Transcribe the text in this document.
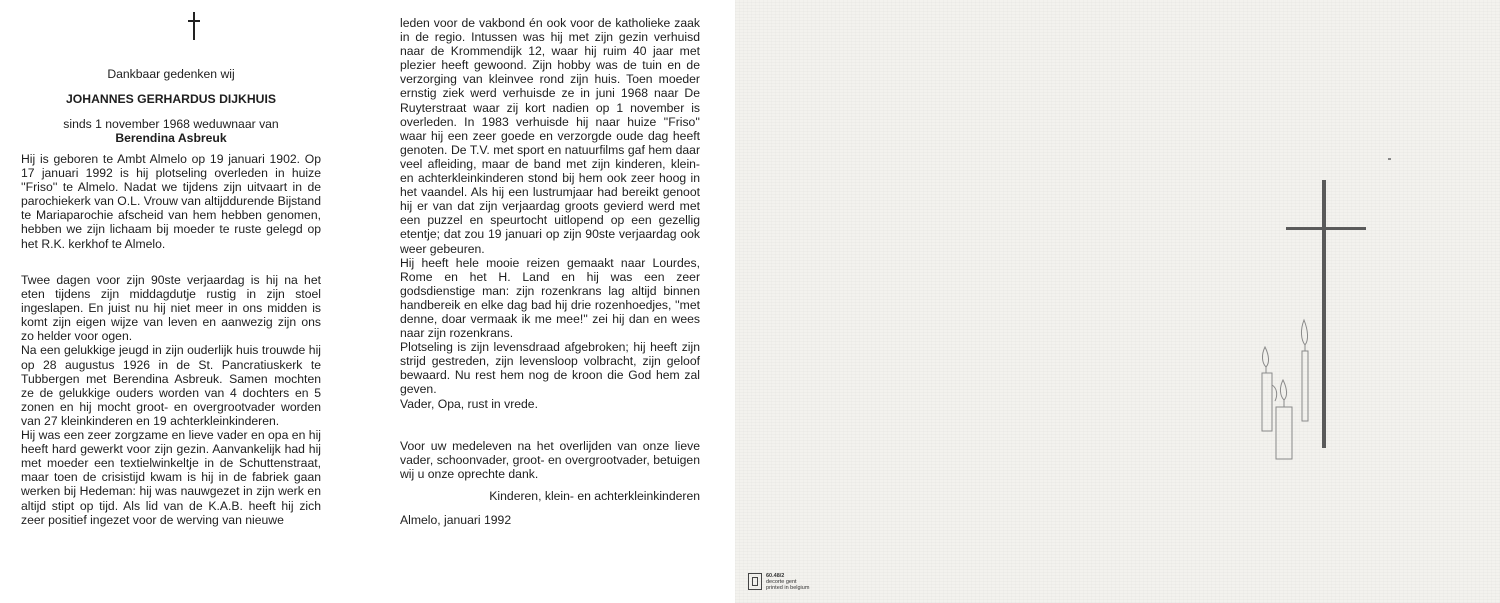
Dankbaar gedenken wij
JOHANNES GERHARDUS DIJKHUIS
sinds 1 november 1968 weduwnaar van
Berendina Asbreuk

Hij is geboren te Ambt Almelo op 19 januari 1902. Op 17 januari 1992 is hij plotseling overleden in huize ''Friso'' te Almelo. Nadat we tijdens zijn uitvaart in de parochiekerk van O.L. Vrouw van altijddurende Bijstand te Mariaparochie afscheid van hem hebben genomen, hebben we zijn lichaam bij moeder te ruste gelegd op het R.K. kerkhof te Almelo.

Twee dagen voor zijn 90ste verjaardag is hij na het eten tijdens zijn middagdutje rustig in zijn stoel ingeslapen. En juist nu hij niet meer in ons midden is komt zijn eigen wijze van leven en aanwezig zijn ons zo helder voor ogen.

Na een gelukkige jeugd in zijn ouderlijk huis trouwde hij op 28 augustus 1926 in de St. Pancratiuskerk te Tubbergen met Berendina Asbreuk. Samen mochten ze de gelukkige ouders worden van 4 dochters en 5 zonen en hij mocht groot- en overgrootvader worden van 27 kleinkinderen en 19 achterkleinkinderen.

Hij was een zeer zorgzame en lieve vader en opa en hij heeft hard gewerkt voor zijn gezin. Aanvankelijk had hij met moeder een textielwinkeltje in de Schuttenstraat, maar toen de crisistijd kwam is hij in de fabriek gaan werken bij Hedeman: hij was nauwgezet in zijn werk en altijd stipt op tijd. Als lid van de K.A.B. heeft hij zich zeer positief ingezet voor de werving van nieuwe

leden voor de vakbond én ook voor de katholieke zaak in de regio. Intussen was hij met zijn gezin verhuisd naar de Krommendijk 12, waar hij ruim 40 jaar met plezier heeft gewoond. Zijn hobby was de tuin en de verzorging van kleinvee rond zijn huis. Toen moeder ernstig ziek werd verhuisde ze in juni 1968 naar De Ruyterstraat waar zij kort nadien op 1 november is overleden. In 1983 verhuisde hij naar huize ''Friso'' waar hij een zeer goede en verzorgde oude dag heeft genoten. De T.V. met sport en natuurfilms gaf hem daar veel afleiding, maar de band met zijn kinderen, klein- en achterkleinkinderen stond bij hem ook zeer hoog in het vaandel. Als hij een lustrumjaar had bereikt genoot hij er van dat zijn verjaardag groots gevierd werd met een puzzel en speurtocht uitlopend op een gezellig etentje; dat zou 19 januari op zijn 90ste verjaardag ook weer gebeuren.

Hij heeft hele mooie reizen gemaakt naar Lourdes, Rome en het H. Land en hij was een zeer godsdienstige man: zijn rozenkrans lag altijd binnen handbereik en elke dag bad hij drie rozenhoedjes, ''met denne, doar vermaak ik me mee!'' zei hij dan en wees naar zijn rozenkrans.

Plotseling is zijn levensdraad afgebroken; hij heeft zijn strijd gestreden, zijn levensloop volbracht, zijn geloof bewaard. Nu rest hem nog de kroon die God hem zal geven.

Vader, Opa, rust in vrede.

Voor uw medeleven na het overlijden van onze lieve vader, schoonvader, groot- en overgrootvader, betuigen wij u onze oprechte dank.

Kinderen, klein- en achterkleinkinderen

Almelo, januari 1992

60.48/2
decorte gent
printed in belgium
